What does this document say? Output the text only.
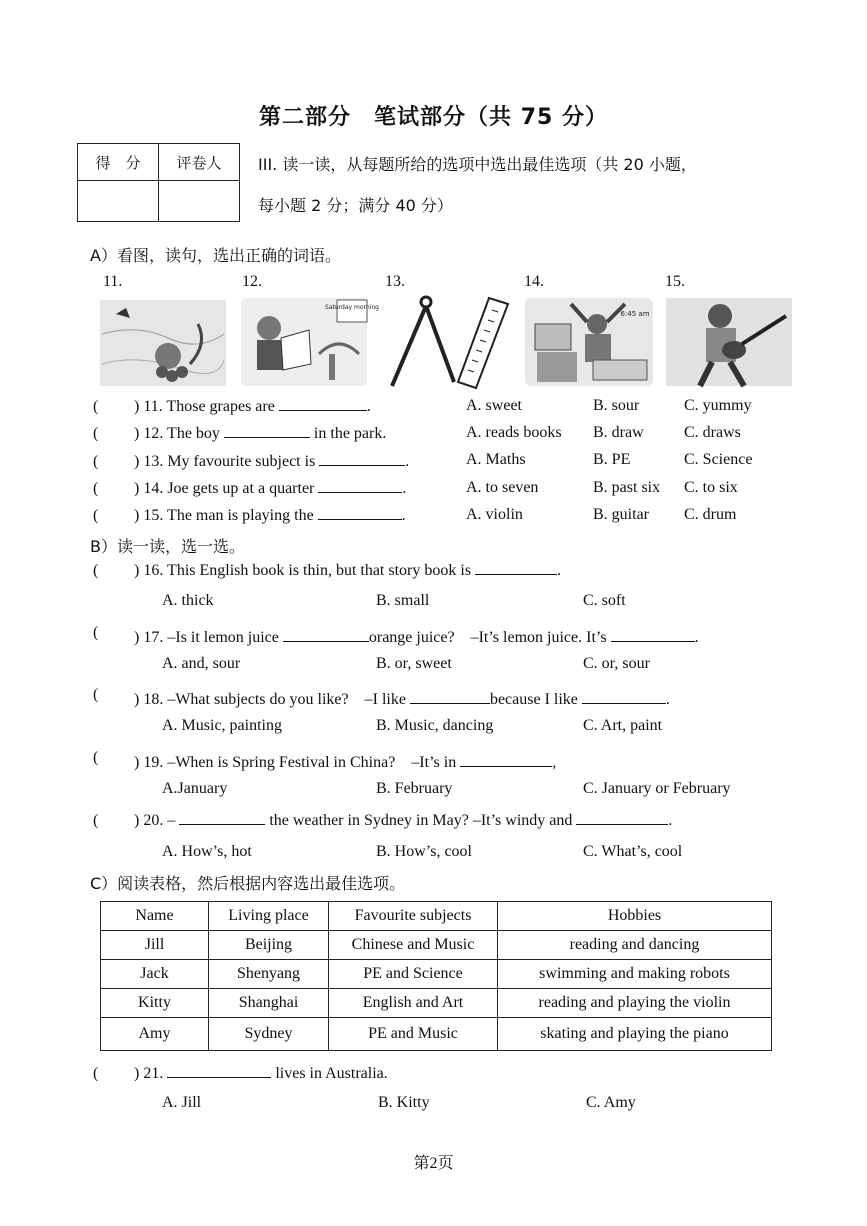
第二部分　笔试部分（共 75 分）
得　分	评卷人
	III. 读一读，从每题所给的选项中选出最佳选项（共 20 小题，
每小题 2 分；满分 40 分）
A）看图，读句，选出正确的词语。
11.	12.	13.	14.	15.
Saturday morning
6:45 am
( ) 11. Those grapes are	.	A. sweet	B. sour	C. yummy
( ) 12. The boy	in the park.	A. reads books B. draw	C. draws
( ) 13. My favourite subject is	.	A. Maths	B. PE	C. Science
( ) 14. Joe gets up at a quarter	.	A. to seven	B. past six C. to six
( ) 15. The man is playing the	.	A. violin	B. guitar C. drum
B）读一读，选一选。
( ) 16. This English book is thin, but that story book is	.
A. thick	B. small	C. soft
( ) 17. –Is it lemon juice	orange juice?　–It’s lemon juice. It’s	.
A. and, sour	B. or, sweet	C. or, sour
( ) 18. –What subjects do you like?　–I like	because I like	.
A. Music, painting	B. Music, dancing	C. Art, paint
( ) 19. –When is Spring Festival in China?　–It’s in	,
A.January	B. February	C. January or February
( ) 20. –	the weather in Sydney in May? –It’s windy and	.
A. How’s, hot	B. How’s, cool	C. What’s, cool
C）阅读表格，然后根据内容选出最佳选项。
Name	Living place	Favourite subjects	Hobbies
Jill	Beijing	Chinese and Music	reading and dancing
Jack	Shenyang	PE and Science	swimming and making robots
Kitty	Shanghai	English and Art	reading and playing the violin
Amy	Sydney	PE and Music	skating and playing the piano
( ) 21.	lives in Australia.
A. Jill	B. Kitty	C. Amy
第2页
